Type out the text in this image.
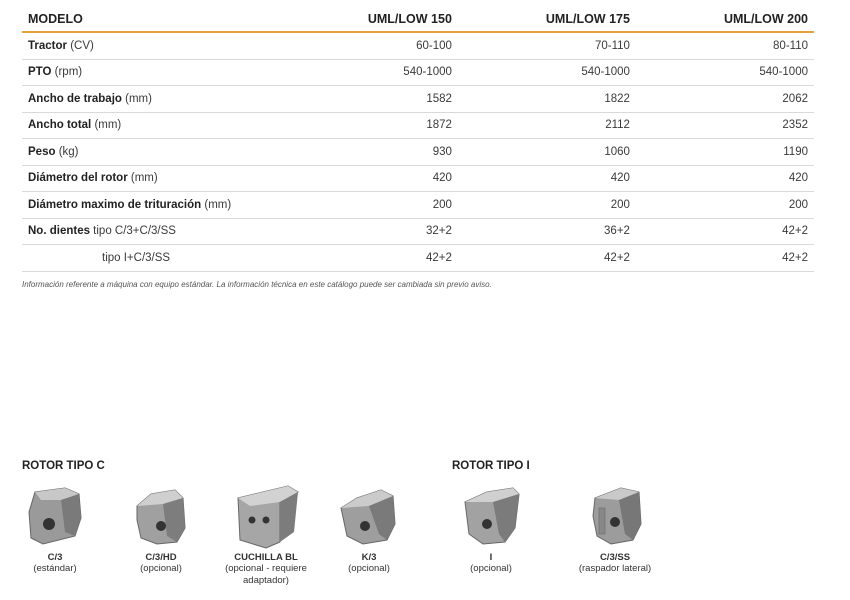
MODELO	UML/LOW 150	UML/LOW 175	UML/LOW 200
Tractor (CV)	60-100	70-110	80-110
PTO (rpm)	540-1000	540-1000	540-1000
Ancho de trabajo (mm)	1582	1822	2062
Ancho total (mm)	1872	2112	2352
Peso (kg)	930	1060	1190
Diámetro del rotor (mm)	420	420	420
Diámetro maximo de trituración (mm)	200	200	200
No. dientes tipo C/3+C/3/SS	32+2	36+2	42+2
tipo I+C/3/SS	42+2	42+2	42+2
Información referente a máquina con equipo estándar. La información técnica en este catálogo puede ser cambiada sin previo aviso.
ROTOR TIPO C	ROTOR TIPO I
C/3
(estándar)
C/3/HD
(opcional)
CUCHILLA BL
(opcional - requiere adaptador)
K/3
(opcional)
I
(opcional)
C/3/SS
(raspador lateral)
